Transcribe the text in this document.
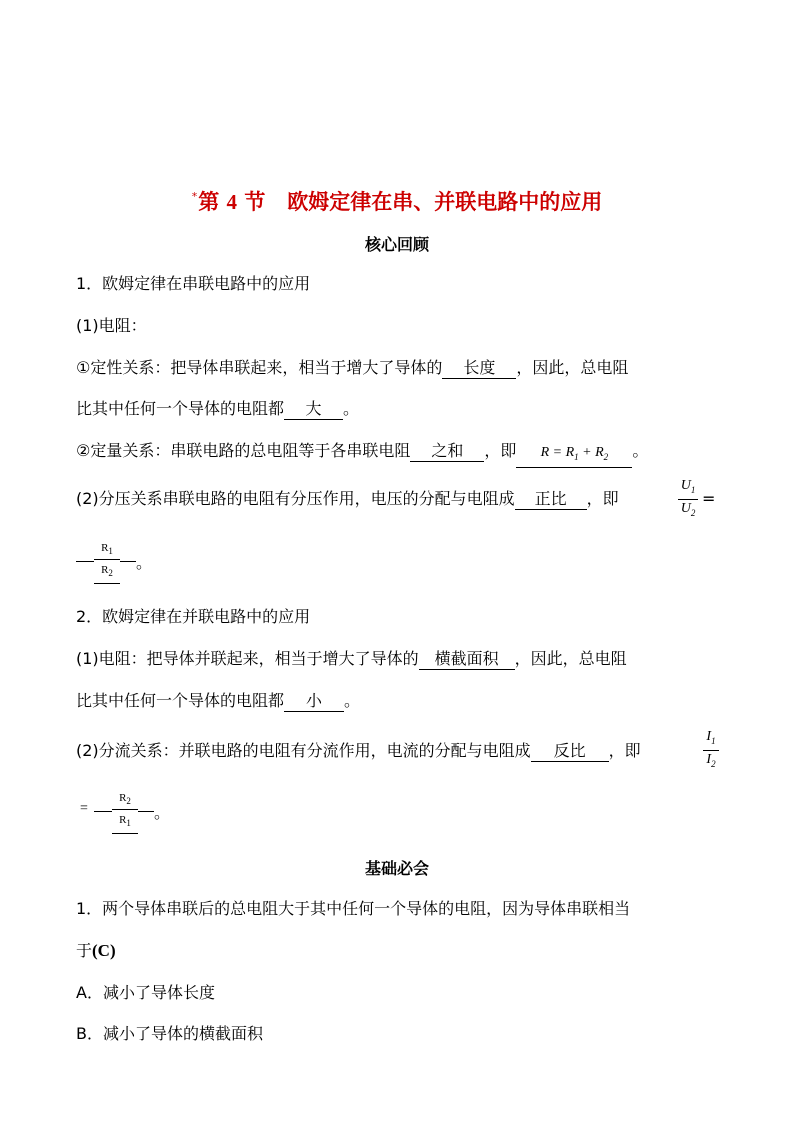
*第 4 节 欧姆定律在串、并联电路中的应用
核心回顾
1．欧姆定律在串联电路中的应用
(1)电阻：
①定性关系：把导体串联起来，相当于增大了导体的 长度 ，因此，总电阻
比其中任何一个导体的电阻都 大 。
②定量关系：串联电路的总电阻等于各串联电阻 之和 ，即 $R = R_1 + R_2$ 。
(2)分压关系串联电路的电阻有分压作用，电压的分配与电阻成 正比 ，即
$U_1$
$U_2$
=
$R_1$
$R_2$
。
2．欧姆定律在并联电路中的应用
(1)电阻：把导体并联起来，相当于增大了导体的 横截面积 ，因此，总电阻
比其中任何一个导体的电阻都 小 。
(2)分流关系：并联电路的电阻有分流作用，电流的分配与电阻成 反比 ，即
$I_1$
$I_2$
=
$R_2$
$R_1$
。
基础必会
1．两个导体串联后的总电阻大于其中任何一个导体的电阻，因为导体串联相当
于(C)
A．减小了导体长度
B．减小了导体的横截面积
